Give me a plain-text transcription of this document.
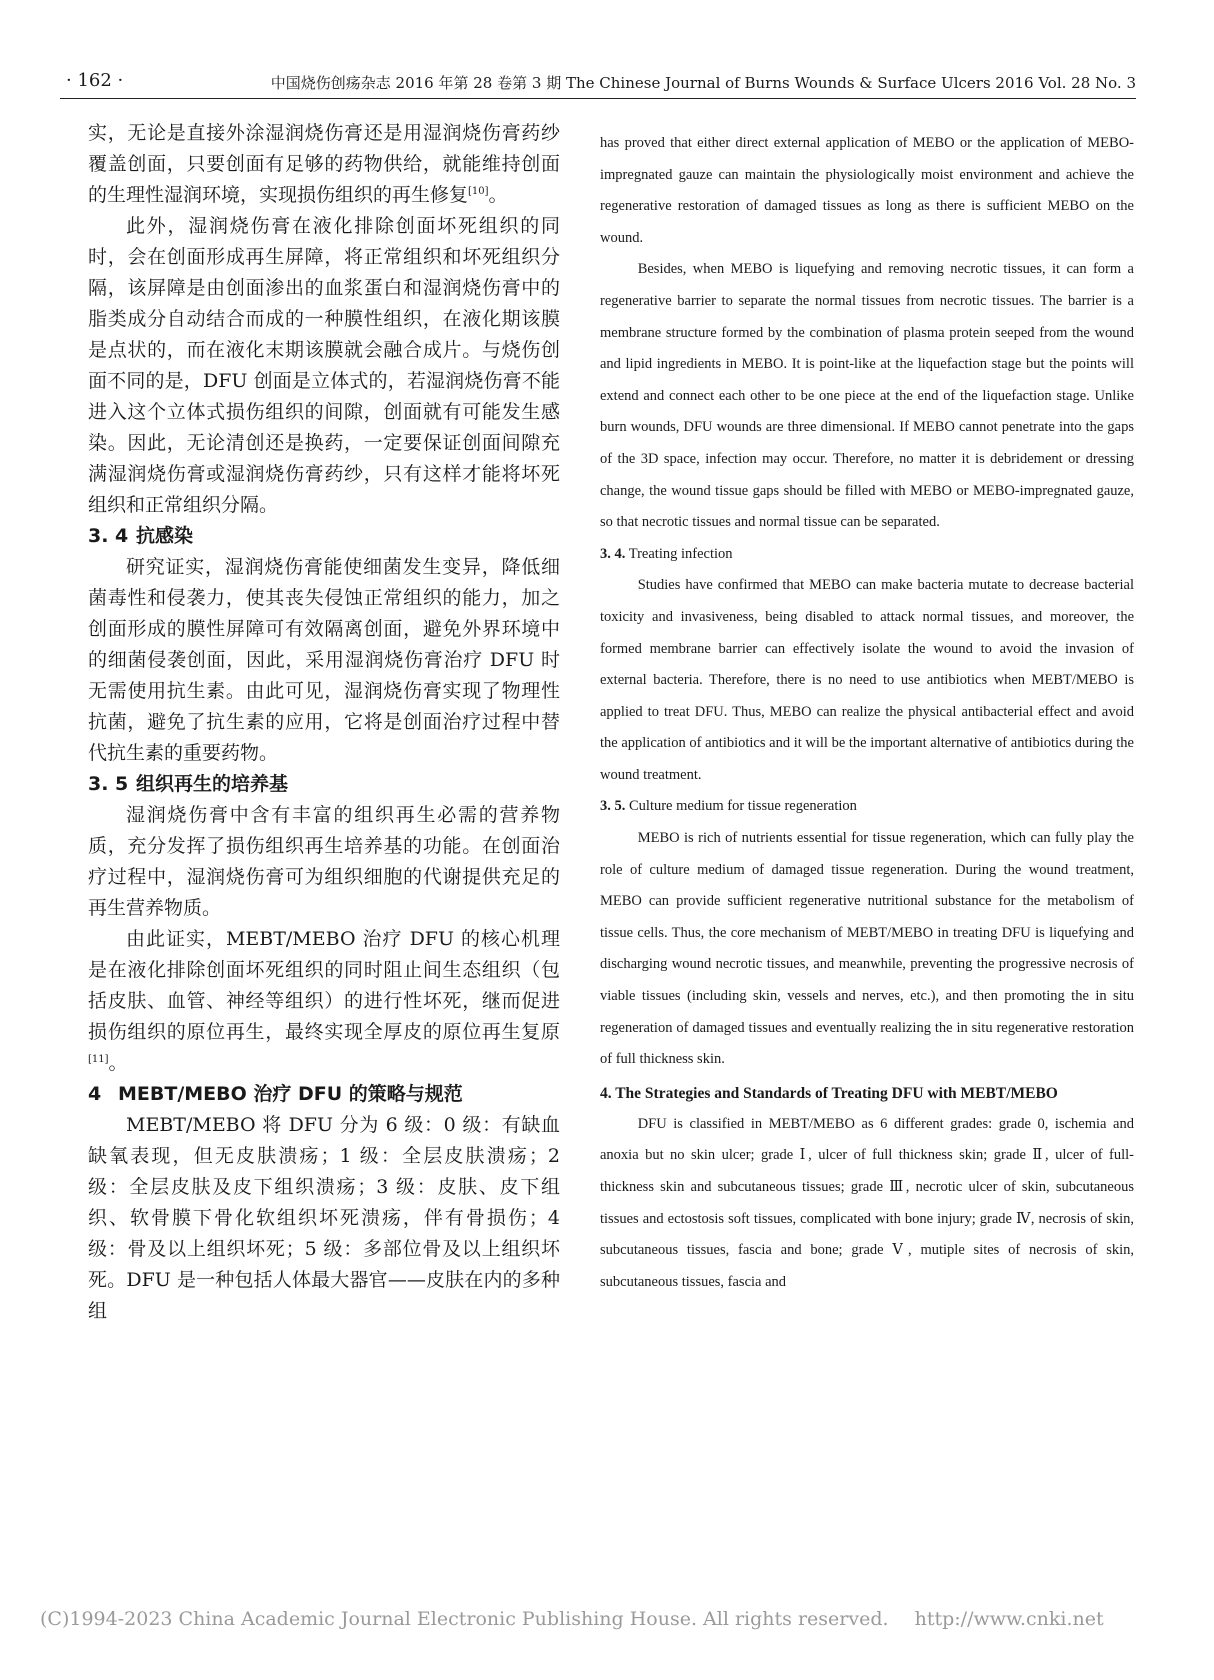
· 162 ·	中国烧伤创疡杂志 2016 年第 28 卷第 3 期 The Chinese Journal of Burns Wounds & Surface Ulcers 2016 Vol. 28 No. 3

实，无论是直接外涂湿润烧伤膏还是用湿润烧伤膏药纱覆盖创面，只要创面有足够的药物供给，就能维持创面的生理性湿润环境，实现损伤组织的再生修复[10]。

此外，湿润烧伤膏在液化排除创面坏死组织的同时，会在创面形成再生屏障，将正常组织和坏死组织分隔，该屏障是由创面渗出的血浆蛋白和湿润烧伤膏中的脂类成分自动结合而成的一种膜性组织，在液化期该膜是点状的，而在液化末期该膜就会融合成片。与烧伤创面不同的是，DFU 创面是立体式的，若湿润烧伤膏不能进入这个立体式损伤组织的间隙，创面就有可能发生感染。因此，无论清创还是换药，一定要保证创面间隙充满湿润烧伤膏或湿润烧伤膏药纱，只有这样才能将坏死组织和正常组织分隔。

3. 4 抗感染

研究证实，湿润烧伤膏能使细菌发生变异，降低细菌毒性和侵袭力，使其丧失侵蚀正常组织的能力，加之创面形成的膜性屏障可有效隔离创面，避免外界环境中的细菌侵袭创面，因此，采用湿润烧伤膏治疗 DFU 时无需使用抗生素。由此可见，湿润烧伤膏实现了物理性抗菌，避免了抗生素的应用，它将是创面治疗过程中替代抗生素的重要药物。

3. 5 组织再生的培养基

湿润烧伤膏中含有丰富的组织再生必需的营养物质，充分发挥了损伤组织再生培养基的功能。在创面治疗过程中，湿润烧伤膏可为组织细胞的代谢提供充足的再生营养物质。

由此证实，MEBT/MEBO 治疗 DFU 的核心机理是在液化排除创面坏死组织的同时阻止间生态组织（包括皮肤、血管、神经等组织）的进行性坏死，继而促进损伤组织的原位再生，最终实现全厚皮的原位再生复原[11]。

4 MEBT/MEBO 治疗 DFU 的策略与规范

MEBT/MEBO 将 DFU 分为 6 级：0 级：有缺血缺氧表现，但无皮肤溃疡；1 级：全层皮肤溃疡；2 级：全层皮肤及皮下组织溃疡；3 级：皮肤、皮下组织、软骨膜下骨化软组织坏死溃疡，伴有骨损伤；4 级：骨及以上组织坏死；5 级：多部位骨及以上组织坏死。DFU 是一种包括人体最大器官——皮肤在内的多种组

has proved that either direct external application of MEBO or the application of MEBO-impregnated gauze can maintain the physiologically moist environment and achieve the regenerative restoration of damaged tissues as long as there is sufficient MEBO on the wound.

Besides, when MEBO is liquefying and removing necrotic tissues, it can form a regenerative barrier to separate the normal tissues from necrotic tissues. The barrier is a membrane structure formed by the combination of plasma protein seeped from the wound and lipid ingredients in MEBO. It is point-like at the liquefaction stage but the points will extend and connect each other to be one piece at the end of the liquefaction stage. Unlike burn wounds, DFU wounds are three dimensional. If MEBO cannot penetrate into the gaps of the 3D space, infection may occur. Therefore, no matter it is debridement or dressing change, the wound tissue gaps should be filled with MEBO or MEBO-impregnated gauze, so that necrotic tissues and normal tissue can be separated.

3. 4. Treating infection

Studies have confirmed that MEBO can make bacteria mutate to decrease bacterial toxicity and invasiveness, being disabled to attack normal tissues, and moreover, the formed membrane barrier can effectively isolate the wound to avoid the invasion of external bacteria. Therefore, there is no need to use antibiotics when MEBT/MEBO is applied to treat DFU. Thus, MEBO can realize the physical antibacterial effect and avoid the application of antibiotics and it will be the important alternative of antibiotics during the wound treatment.

3. 5. Culture medium for tissue regeneration

MEBO is rich of nutrients essential for tissue regeneration, which can fully play the role of culture medium of damaged tissue regeneration. During the wound treatment, MEBO can provide sufficient regenerative nutritional substance for the metabolism of tissue cells. Thus, the core mechanism of MEBT/MEBO in treating DFU is liquefying and discharging wound necrotic tissues, and meanwhile, preventing the progressive necrosis of viable tissues (including skin, vessels and nerves, etc.), and then promoting the in situ regeneration of damaged tissues and eventually realizing the in situ regenerative restoration of full thickness skin.

4. The Strategies and Standards of Treating DFU with MEBT/MEBO

DFU is classified in MEBT/MEBO as 6 different grades: grade 0, ischemia and anoxia but no skin ulcer; grade Ⅰ, ulcer of full thickness skin; grade Ⅱ, ulcer of full-thickness skin and subcutaneous tissues; grade Ⅲ, necrotic ulcer of skin, subcutaneous tissues and ectostosis soft tissues, complicated with bone injury; grade Ⅳ, necrosis of skin, subcutaneous tissues, fascia and bone; grade Ⅴ, mutiple sites of necrosis of skin, subcutaneous tissues, fascia and

(C)1994-2023 China Academic Journal Electronic Publishing House. All rights reserved. http://www.cnki.net
